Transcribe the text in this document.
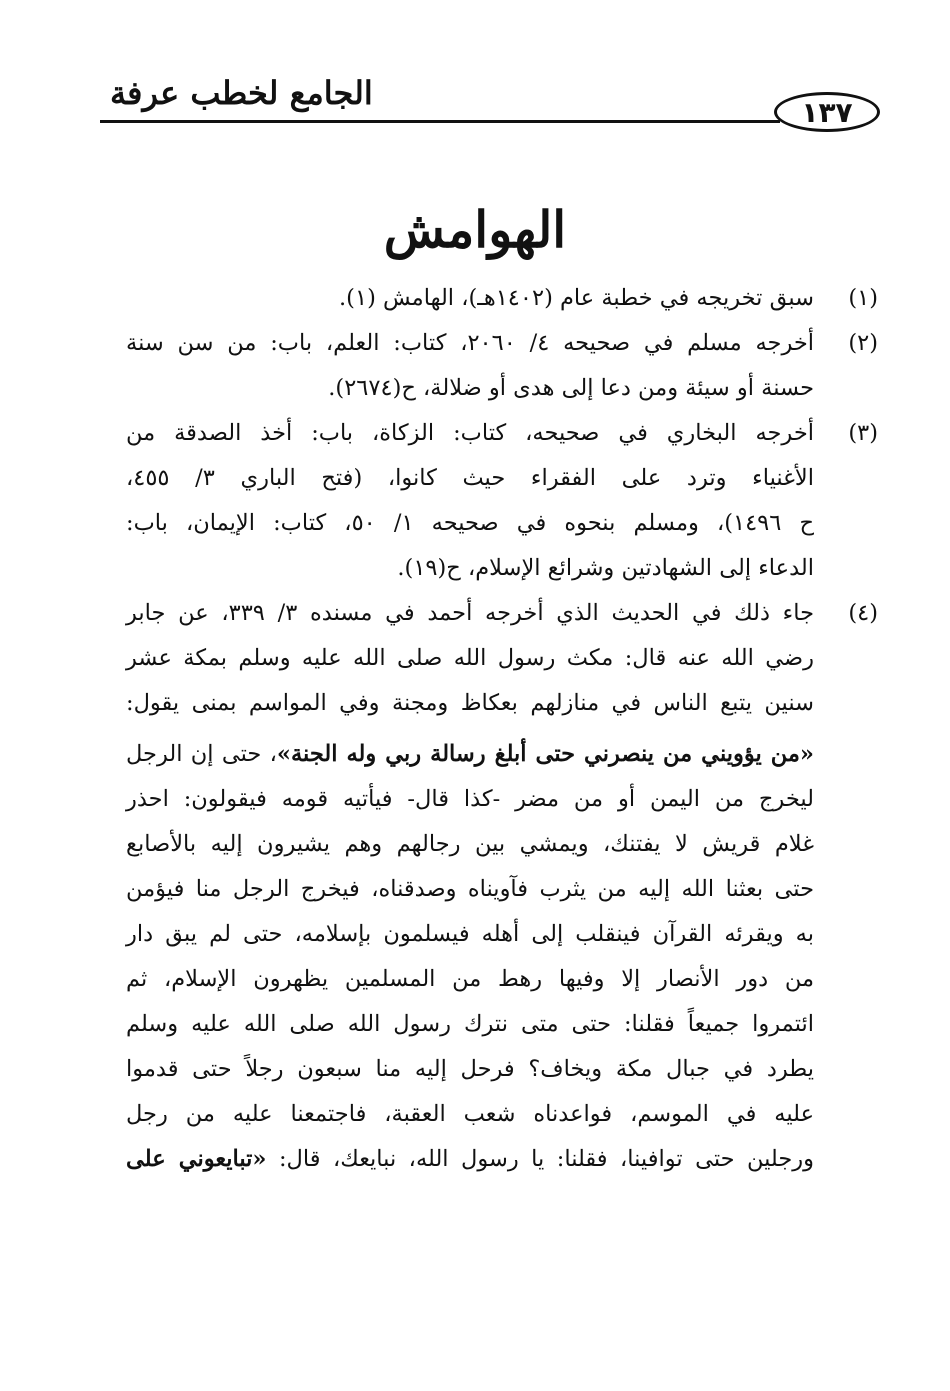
١٣٧
الجامع لخطب عرفة
الهوامش
(١)
سبق تخريجه في خطبة عام (١٤٠٢هـ)، الهامش (١).
(٢)
أخرجه مسلم في صحيحه ٤/ ٢٠٦٠، كتاب: العلم، باب: من سن سنة
حسنة أو سيئة ومن دعا إلى هدى أو ضلالة، ح(٢٦٧٤).
(٣)
أخرجه البخاري في صحيحه، كتاب: الزكاة، باب: أخذ الصدقة من
الأغنياء وترد على الفقراء حيث كانوا، (فتح الباري ٣/ ٤٥٥،
ح ١٤٩٦)، ومسلم بنحوه في صحيحه ١/ ٥٠، كتاب: الإيمان، باب:
الدعاء إلى الشهادتين وشرائع الإسلام، ح(١٩).
(٤)
جاء ذلك في الحديث الذي أخرجه أحمد في مسنده ٣/ ٣٣٩، عن جابر
رضي الله عنه قال: مكث رسول الله صلى الله عليه وسلم بمكة عشر
سنين يتبع الناس في منازلهم بعكاظ ومجنة وفي المواسم بمنى يقول:
«من يؤويني من ينصرني حتى أبلغ رسالة ربي وله الجنة»، حتى إن الرجل
ليخرج من اليمن أو من مضر -كذا قال- فيأتيه قومه فيقولون: احذر
غلام قريش لا يفتنك، ويمشي بين رجالهم وهم يشيرون إليه بالأصابع
حتى بعثنا الله إليه من يثرب فآويناه وصدقناه، فيخرج الرجل منا فيؤمن
به ويقرئه القرآن فينقلب إلى أهله فيسلمون بإسلامه، حتى لم يبق دار
من دور الأنصار إلا وفيها رهط من المسلمين يظهرون الإسلام، ثم
ائتمروا جميعاً فقلنا: حتى متى نترك رسول الله صلى الله عليه وسلم
يطرد في جبال مكة ويخاف؟ فرحل إليه منا سبعون رجلاً حتى قدموا
عليه في الموسم، فواعدناه شعب العقبة، فاجتمعنا عليه من رجل
ورجلين حتى توافينا، فقلنا: يا رسول الله، نبايعك، قال: «تبايعوني على
